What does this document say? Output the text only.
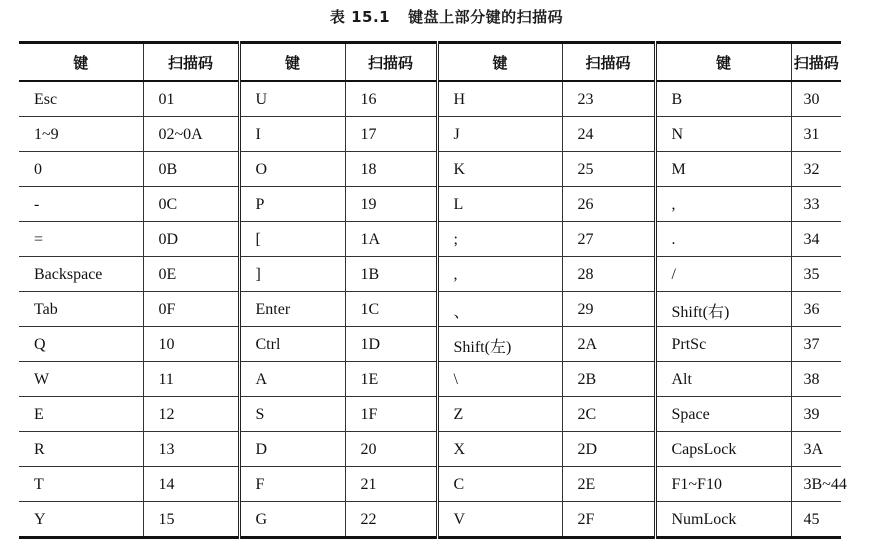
表 15.1 键盘上部分键的扫描码
键	扫描码	键	扫描码	键	扫描码	键	扫描码
Esc	01	U	16	H	23	B	30
1~9	02~0A	I	17	J	24	N	31
0	0B	O	18	K	25	M	32
-	0C	P	19	L	26	,	33
=	0D	[	1A	;	27	.	34
Backspace	0E	]	1B	,	28	/	35
Tab	0F	Enter	1C	、	29	Shift(右)	36
Q	10	Ctrl	1D	Shift(左)	2A	PrtSc	37
W	11	A	1E	\	2B	Alt	38
E	12	S	1F	Z	2C	Space	39
R	13	D	20	X	2D	CapsLock	3A
T	14	F	21	C	2E	F1~F10	3B~44
Y	15	G	22	V	2F	NumLock	45
